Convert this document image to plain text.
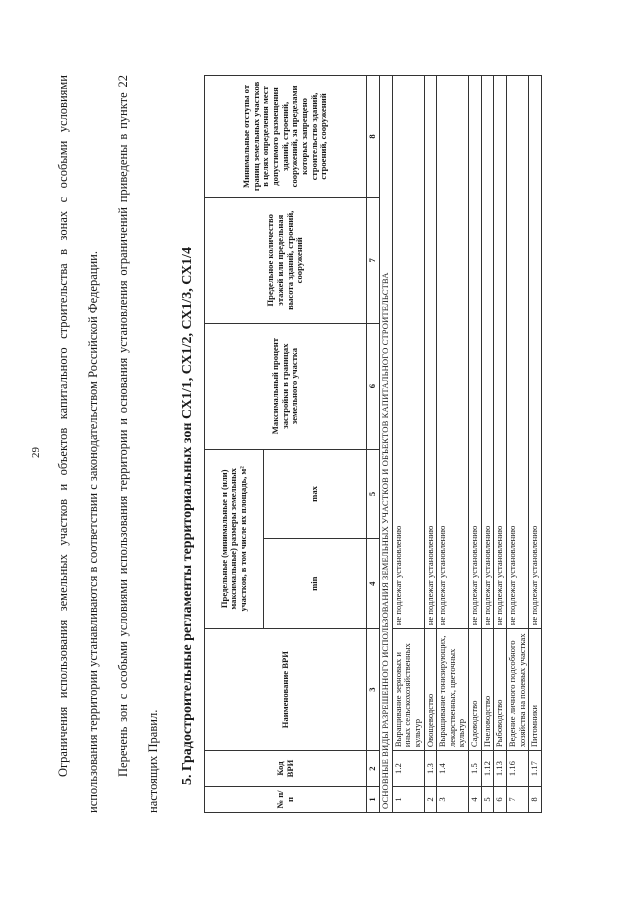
29	Ограничения использования земельных участков и объектов капитального строительства в зонах с особыми условиями использования территории устанавливаются в соответствии с законодательством Российской Федерации.	Перечень зон с особыми условиями использования территории и основания установления ограничений приведены в пункте 22 настоящих Правил.	5. Градостроительные регламенты территориальных зон СХ1/1, СХ1/2, СХ1/3, СХ1/4
№ п/п	Код ВРИ	Наименование ВРИ	Предельные (минимальные и (или) максимальные) размеры земельных участков, в том числе их площадь, м²		Максимальный процент застройки в границах земельного участка	Предельное количество этажей или предельная высота зданий, строений, сооружений	Минимальные отступы от границ земельных участков в целях определения мест допустимого размещения зданий, строений, сооружений, за пределами которых запрещено строительство зданий, строений, сооружений
			min	max			
1	2	3	4	5	6	7	8
ОСНОВНЫЕ ВИДЫ РАЗРЕШЕННОГО ИСПОЛЬЗОВАНИЯ ЗЕМЕЛЬНЫХ УЧАСТКОВ И ОБЪЕКТОВ КАПИТАЛЬНОГО СТРОИТЕЛЬСТВА							
1	1.2	Выращивание зерновых и иных сельскохозяйственных культур	не подлежат установлению				
2	1.3	Овощеводство	не подлежат установлению				
3	1.4	Выращивание тонизирующих, лекарственных, цветочных культур	не подлежат установлению				
4	1.5	Садоводство	не подлежат установлению				
5	1.12	Пчеловодство	не подлежат установлению				
6	1.13	Рыбоводство	не подлежат установлению				
7	1.16	Ведение личного подсобного хозяйства на полевых участках	не подлежат установлению				
8	1.17	Питомники	не подлежат установлению				
